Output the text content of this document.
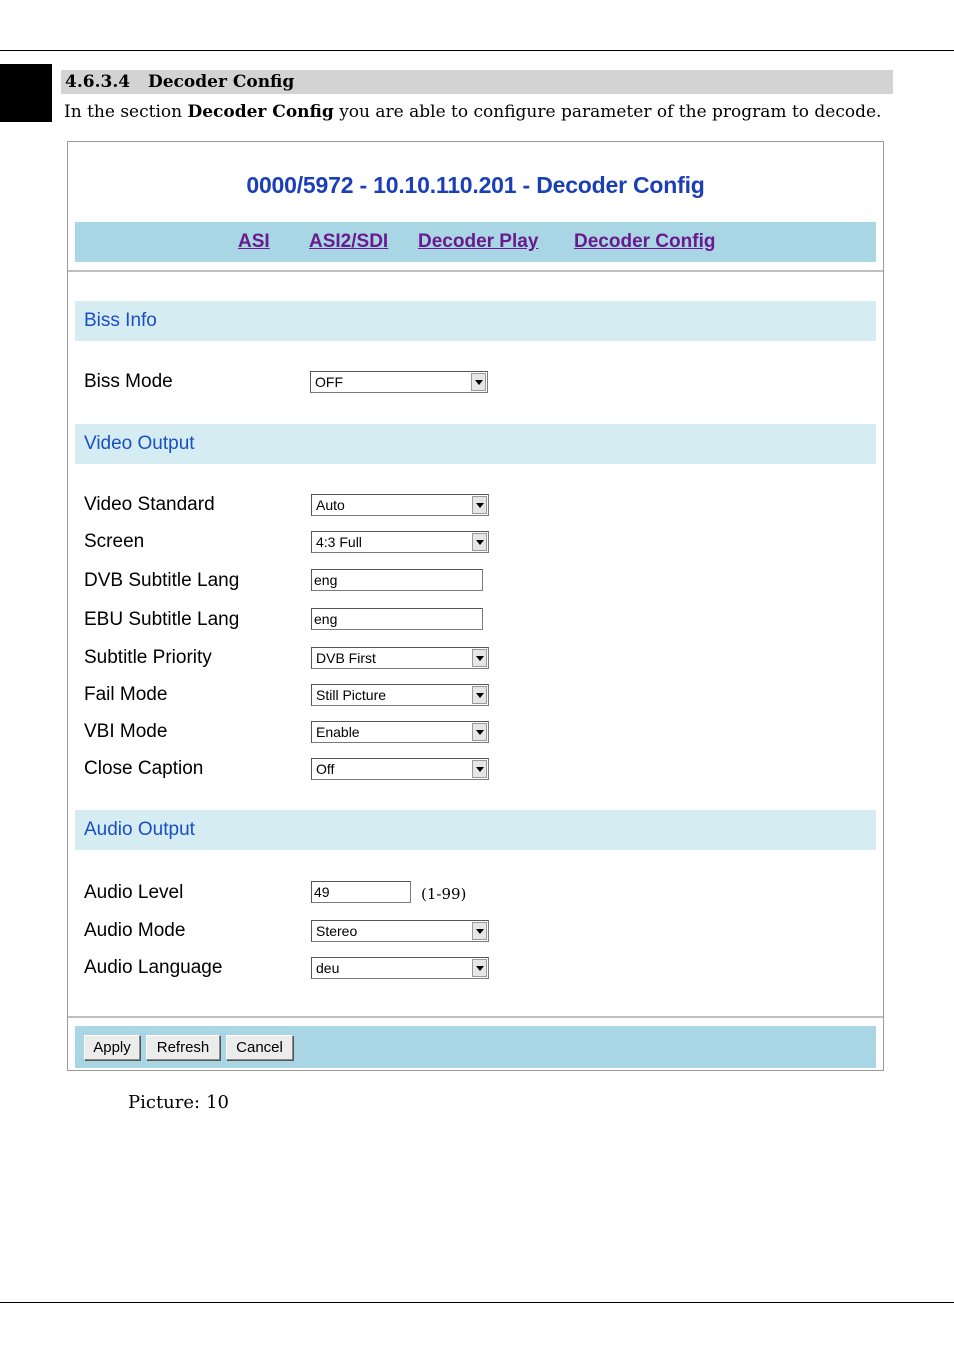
4.6.3.4 Decoder Config
In the section Decoder Config you are able to configure parameter of the program to decode.
0000/5972 - 10.10.110.201 - Decoder Config
ASI ASI2/SDI Decoder Play Decoder Config
Biss Info
Biss Mode	OFF
Video Output
Video Standard	Auto
Screen	4:3 Full
DVB Subtitle Lang	eng
EBU Subtitle Lang	eng
Subtitle Priority	DVB First
Fail Mode	Still Picture
VBI Mode	Enable
Close Caption	Off
Audio Output
Audio Level	49	(1-99)
Audio Mode	Stereo
Audio Language	deu
Apply	Refresh	Cancel
Picture: 10
